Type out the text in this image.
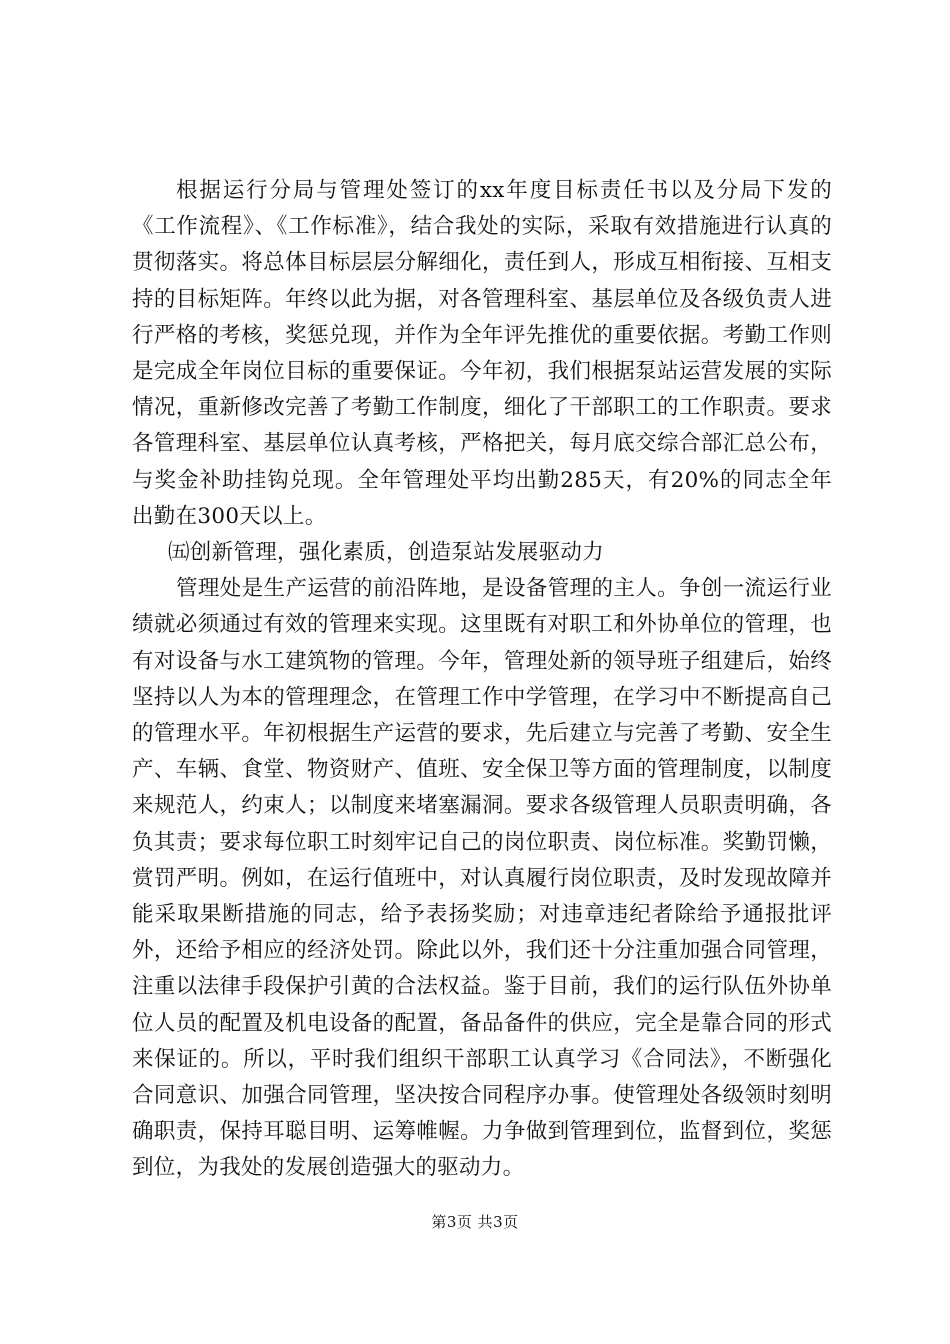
根据运行分局与管理处签订的xx年度目标责任书以及分局下发的《工作流程》、《工作标准》，结合我处的实际，采取有效措施进行认真的贯彻落实。将总体目标层层分解细化，责任到人，形成互相衔接、互相支持的目标矩阵。年终以此为据，对各管理科室、基层单位及各级负责人进行严格的考核，奖惩兑现，并作为全年评先推优的重要依据。考勤工作则是完成全年岗位目标的重要保证。今年初，我们根据泵站运营发展的实际情况，重新修改完善了考勤工作制度，细化了干部职工的工作职责。要求各管理科室、基层单位认真考核，严格把关，每月底交综合部汇总公布，与奖金补助挂钩兑现。全年管理处平均出勤285天，有20%的同志全年出勤在300天以上。

㈤创新管理，强化素质，创造泵站发展驱动力

管理处是生产运营的前沿阵地，是设备管理的主人。争创一流运行业绩就必须通过有效的管理来实现。这里既有对职工和外协单位的管理，也有对设备与水工建筑物的管理。今年，管理处新的领导班子组建后，始终坚持以人为本的管理理念，在管理工作中学管理，在学习中不断提高自己的管理水平。年初根据生产运营的要求，先后建立与完善了考勤、安全生产、车辆、食堂、物资财产、值班、安全保卫等方面的管理制度，以制度来规范人，约束人；以制度来堵塞漏洞。要求各级管理人员职责明确，各负其责；要求每位职工时刻牢记自己的岗位职责、岗位标准。奖勤罚懒，赏罚严明。例如，在运行值班中，对认真履行岗位职责，及时发现故障并能采取果断措施的同志，给予表扬奖励；对违章违纪者除给予通报批评外，还给予相应的经济处罚。除此以外，我们还十分注重加强合同管理，注重以法律手段保护引黄的合法权益。鉴于目前，我们的运行队伍外协单位人员的配置及机电设备的配置，备品备件的供应，完全是靠合同的形式来保证的。所以，平时我们组织干部职工认真学习《合同法》，不断强化合同意识、加强合同管理，坚决按合同程序办事。使管理处各级领时刻明确职责，保持耳聪目明、运筹帷幄。力争做到管理到位，监督到位，奖惩到位，为我处的发展创造强大的驱动力。

第3页 共3页
